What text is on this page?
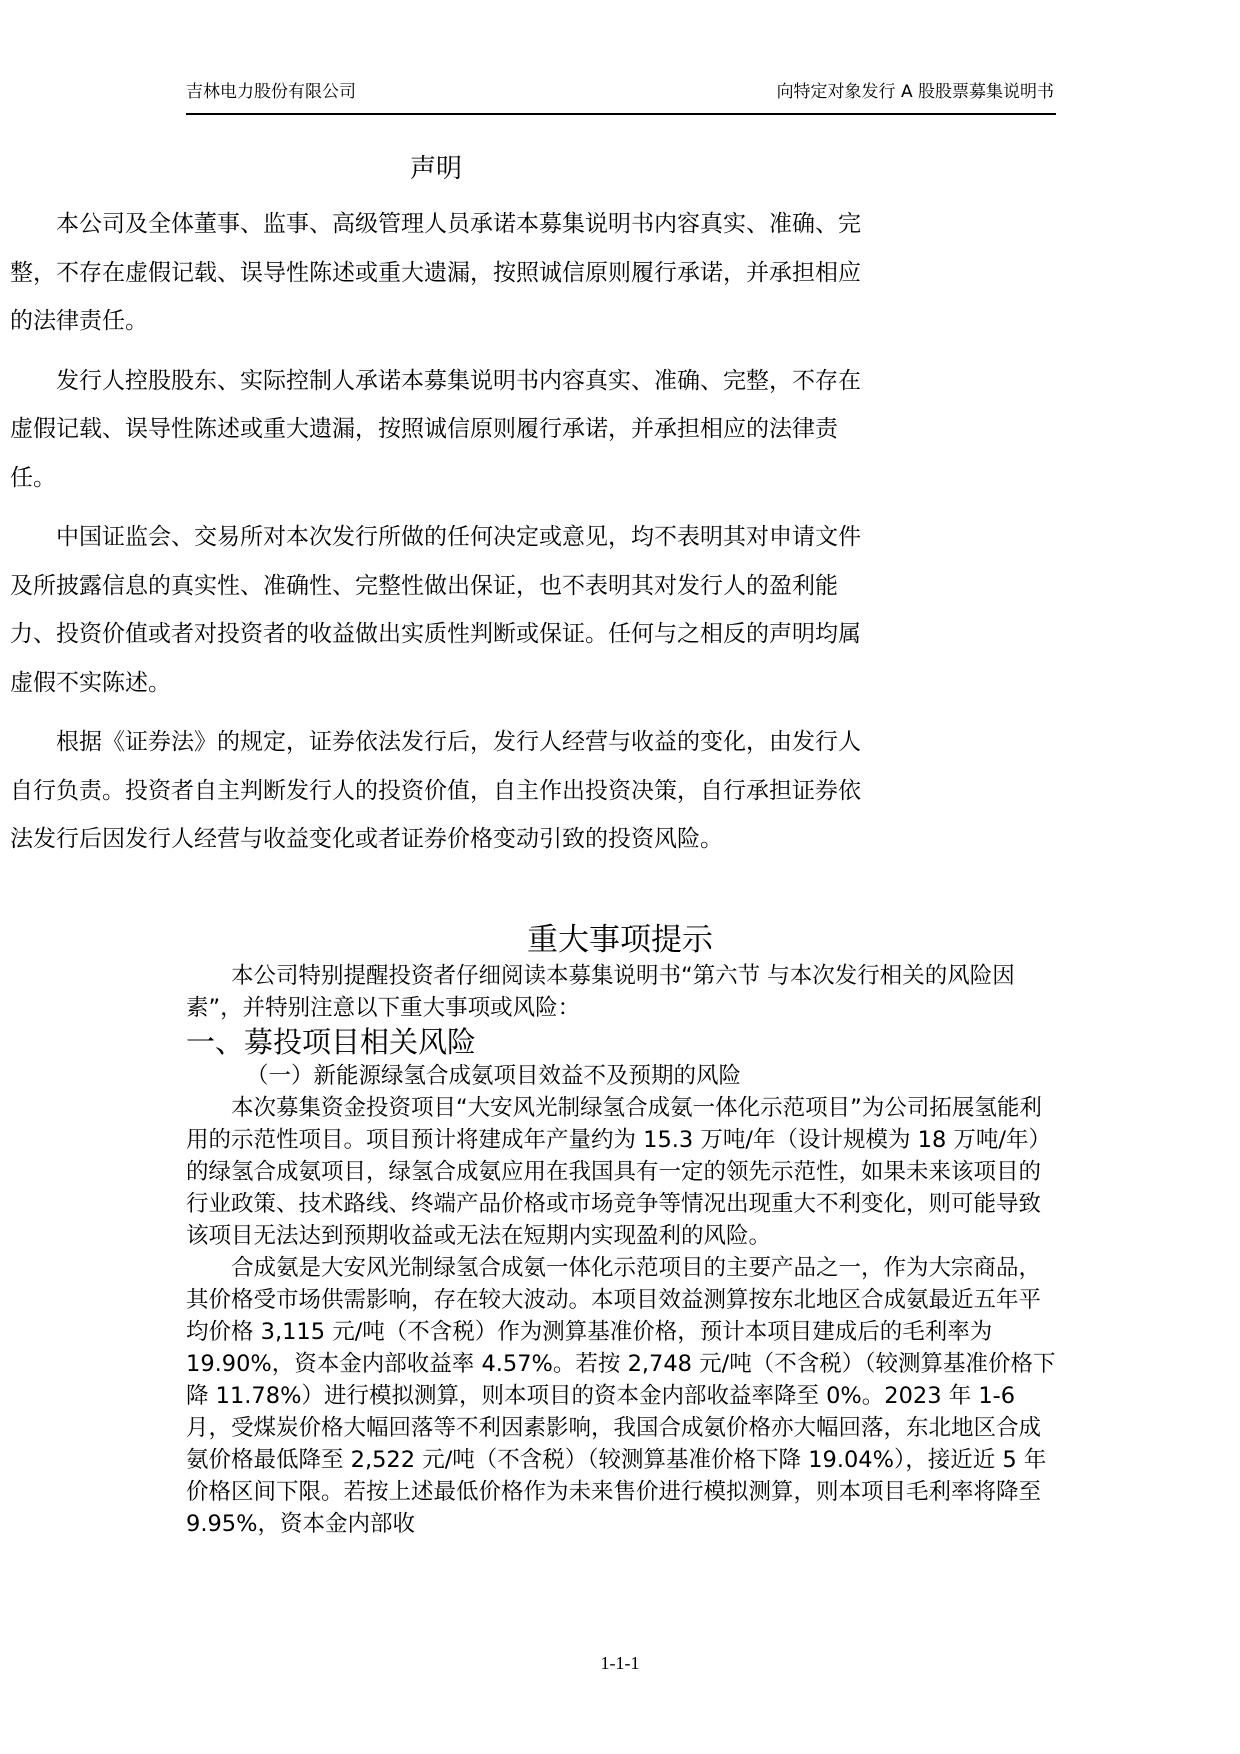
吉林电力股份有限公司	向特定对象发行 A 股股票募集说明书
声明

本公司及全体董事、监事、高级管理人员承诺本募集说明书内容真实、准确、完整，不存在虚假记载、误导性陈述或重大遗漏，按照诚信原则履行承诺，并承担相应的法律责任。

发行人控股股东、实际控制人承诺本募集说明书内容真实、准确、完整，不存在虚假记载、误导性陈述或重大遗漏，按照诚信原则履行承诺，并承担相应的法律责任。

中国证监会、交易所对本次发行所做的任何决定或意见，均不表明其对申请文件及所披露信息的真实性、准确性、完整性做出保证，也不表明其对发行人的盈利能力、投资价值或者对投资者的收益做出实质性判断或保证。任何与之相反的声明均属虚假不实陈述。

根据《证券法》的规定，证券依法发行后，发行人经营与收益的变化，由发行人自行负责。投资者自主判断发行人的投资价值，自主作出投资决策，自行承担证券依法发行后因发行人经营与收益变化或者证券价格变动引致的投资风险。

重大事项提示

本公司特别提醒投资者仔细阅读本募集说明书“第六节 与本次发行相关的风险因素”，并特别注意以下重大事项或风险：

一、募投项目相关风险

（一）新能源绿氢合成氨项目效益不及预期的风险

本次募集资金投资项目“大安风光制绿氢合成氨一体化示范项目”为公司拓展氢能利用的示范性项目。项目预计将建成年产量约为 15.3 万吨/年（设计规模为 18 万吨/年）的绿氢合成氨项目，绿氢合成氨应用在我国具有一定的领先示范性，如果未来该项目的行业政策、技术路线、终端产品价格或市场竞争等情况出现重大不利变化，则可能导致该项目无法达到预期收益或无法在短期内实现盈利的风险。

合成氨是大安风光制绿氢合成氨一体化示范项目的主要产品之一，作为大宗商品，其价格受市场供需影响，存在较大波动。本项目效益测算按东北地区合成氨最近五年平均价格 3,115 元/吨（不含税）作为测算基准价格，预计本项目建成后的毛利率为 19.90%，资本金内部收益率 4.57%。若按 2,748 元/吨（不含税）（较测算基准价格下降 11.78%）进行模拟测算，则本项目的资本金内部收益率降至 0%。2023 年 1-6 月，受煤炭价格大幅回落等不利因素影响，我国合成氨价格亦大幅回落，东北地区合成氨价格最低降至 2,522 元/吨（不含税）（较测算基准价格下降 19.04%），接近近 5 年价格区间下限。若按上述最低价格作为未来售价进行模拟测算，则本项目毛利率将降至 9.95%，资本金内部收

1-1-1
